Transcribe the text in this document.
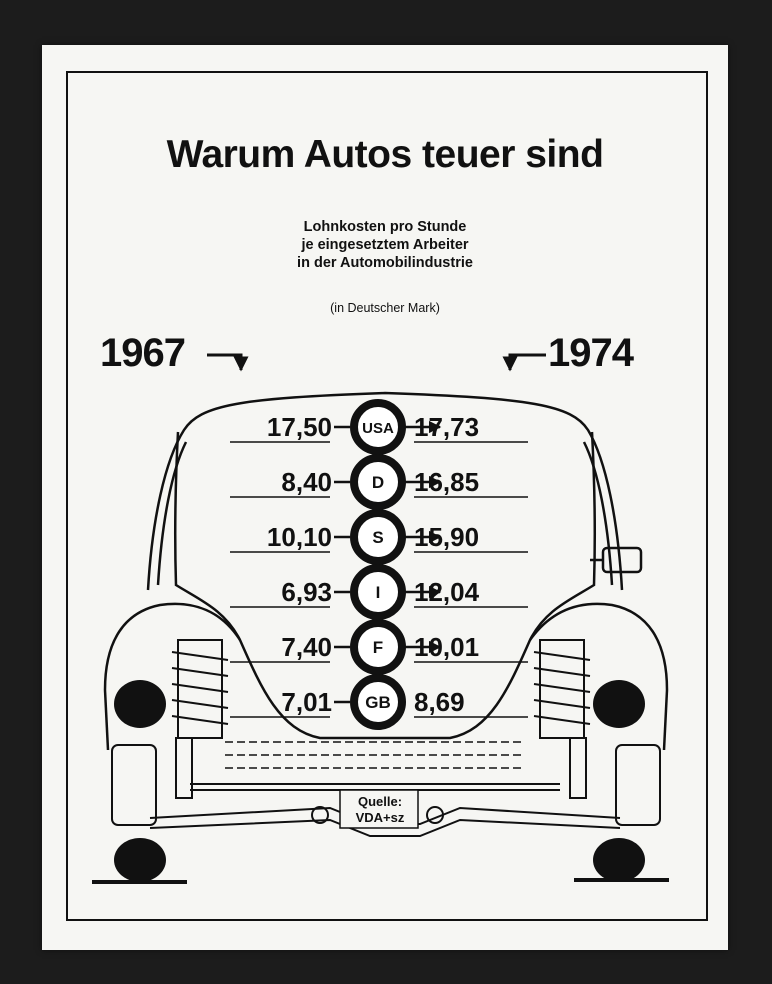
Warum Autos teuer sind
Lohnkosten pro Stunde
je eingesetztem Arbeiter
in der Automobilindustrie
(in Deutscher Mark)
1967	1974
Quelle:
VDA+sz
17,50 USA 17,73
8,40 D 16,85
10,10 S 15,90
6,93	I 12,04
7,40 F 10,01
7,01 GB 8,69
